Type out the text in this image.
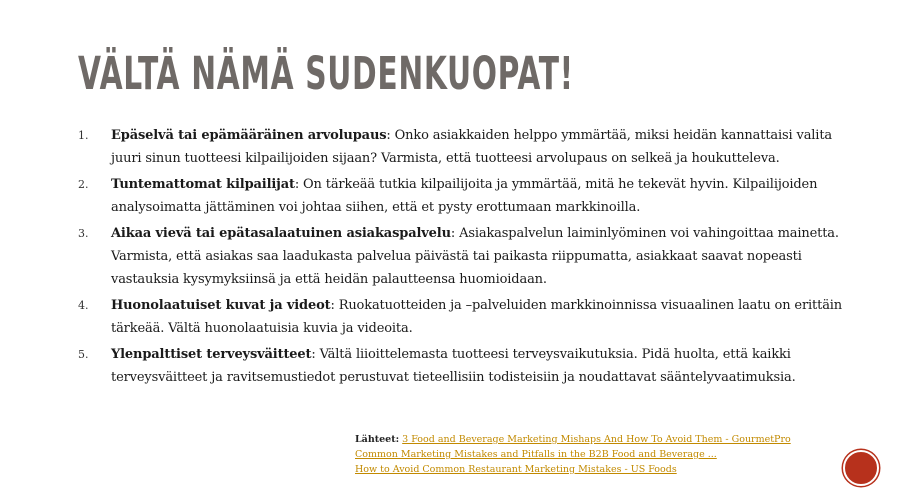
VÄLTÄ NÄMÄ SUDENKUOPAT!
1. Epäselvä tai epämääräinen arvolupaus: Onko asiakkaiden helppo ymmärtää, miksi heidän kannattaisi valita juuri sinun tuotteesi kilpailijoiden sijaan? Varmista, että tuotteesi arvolupaus on selkeä ja houkutteleva.
2. Tuntemattomat kilpailijat: On tärkeää tutkia kilpailijoita ja ymmärtää, mitä he tekevät hyvin. Kilpailijoiden analysoimatta jättäminen voi johtaa siihen, että et pysty erottumaan markkinoilla.
3. Aikaa vievä tai epätasalaatuinen asiakaspalvelu: Asiakaspalvelun laiminlyöminen voi vahingoittaa mainetta. Varmista, että asiakas saa laadukasta palvelua päivästä tai paikasta riippumatta, asiakkaat saavat nopeasti vastauksia kysymyksiinsä ja että heidän palautteensa huomioidaan.
4. Huonolaatuiset kuvat ja videot: Ruokatuotteiden ja –palveluiden markkinoinnissa visuaalinen laatu on erittäin tärkeää. Vältä huonolaatuisia kuvia ja videoita.
5. Ylenpalttiset terveysväitteet: Vältä liioittelemasta tuotteesi terveysvaikutuksia. Pidä huolta, että kaikki terveysväitteet ja ravitsemustiedot perustuvat tieteellisiin todisteisiin ja noudattavat sääntelyvaatimuksia.
Lähteet: 3 Food and Beverage Marketing Mishaps And How To Avoid Them - GourmetPro
Common Marketing Mistakes and Pitfalls in the B2B Food and Beverage ...
How to Avoid Common Restaurant Marketing Mistakes - US Foods
